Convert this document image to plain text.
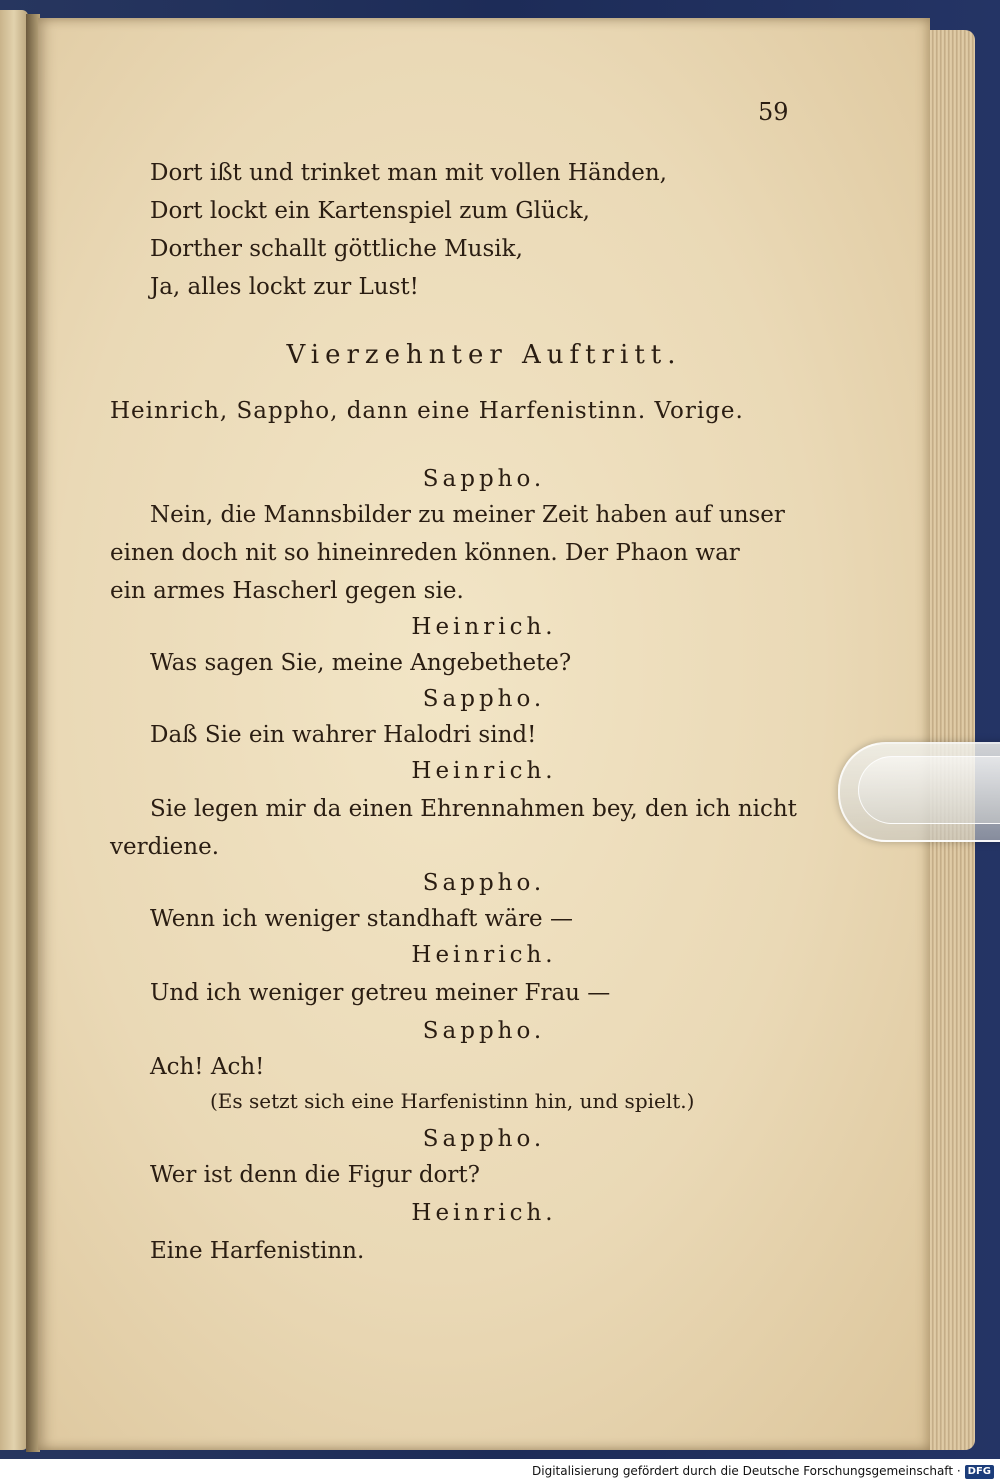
59
Dort ißt und trinket man mit vollen Händen,
Dort lockt ein Kartenspiel zum Glück,
Dorther schallt göttliche Musik,
Ja, alles lockt zur Lust!
Vierzehnter Auftritt.
Heinrich, Sappho, dann eine Harfenistinn. Vorige.
Sappho.
Nein, die Mannsbilder zu meiner Zeit haben auf unser
einen doch nit so hineinreden können. Der Phaon war
ein armes Hascherl gegen sie.
Heinrich.
Was sagen Sie, meine Angebethete?
Sappho.
Daß Sie ein wahrer Halodri sind!
Heinrich.
Sie legen mir da einen Ehrennahmen bey, den ich nicht
verdiene.
Sappho.
Wenn ich weniger standhaft wäre —
Heinrich.
Und ich weniger getreu meiner Frau —
Sappho.
Ach! Ach!
(Es setzt sich eine Harfenistinn hin, und spielt.)
Sappho.
Wer ist denn die Figur dort?
Heinrich.
Eine Harfenistinn.
Digitalisierung gefördert durch die Deutsche Forschungsgemeinschaft · DFG
